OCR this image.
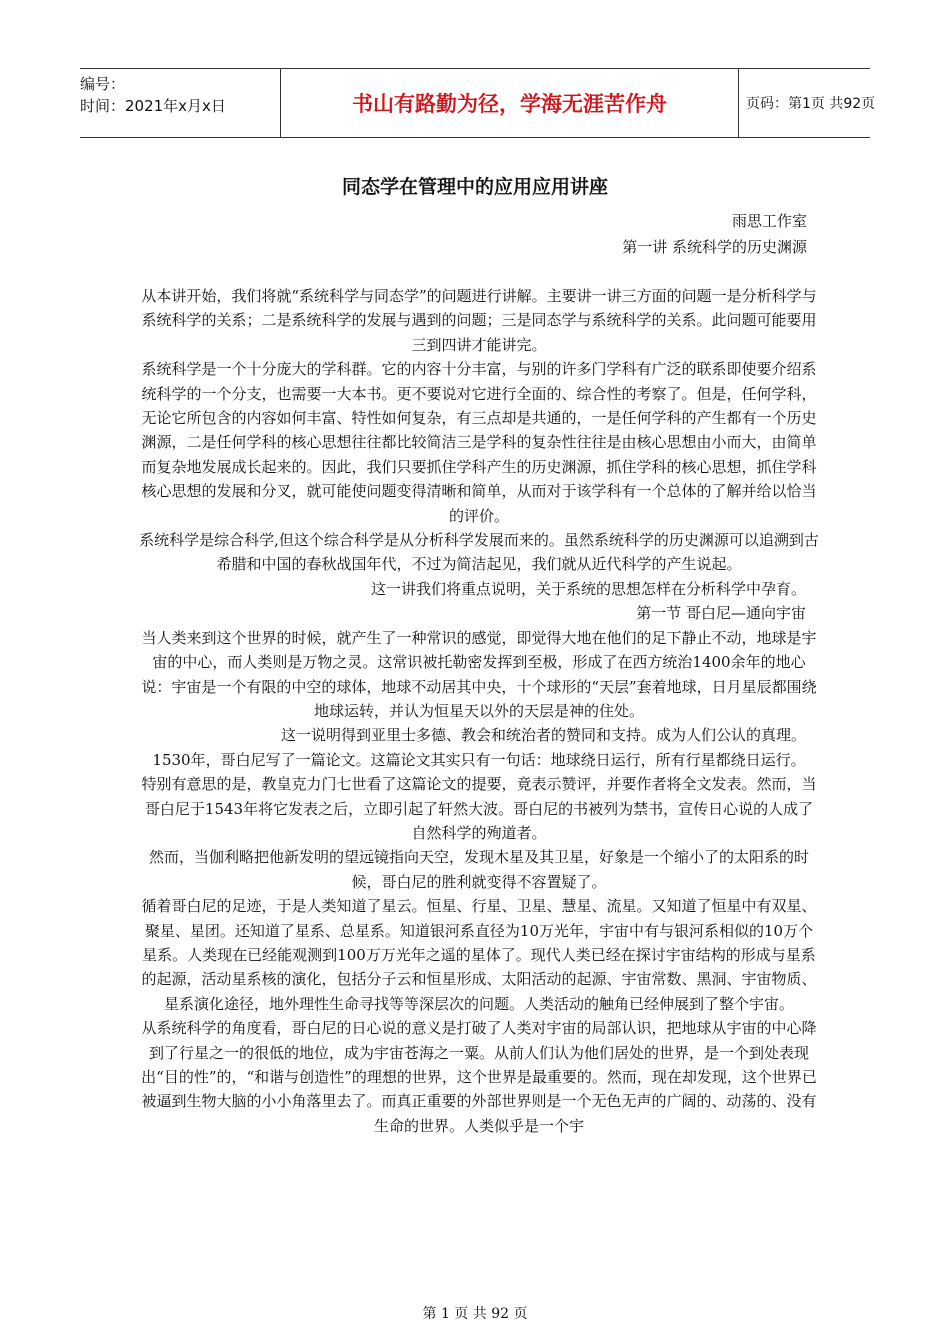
编号：
时间：2021年x月x日	书山有路勤为径，学海无涯苦作舟	页码：第1页 共92页
同态学在管理中的应用应用讲座
雨思工作室
第一讲 系统科学的历史渊源

从本讲开始，我们将就“系统科学与同态学”的问题进行讲解。主要讲一讲三方面的问题一是分析科学与系统科学的关系；二是系统科学的发展与遇到的问题；三是同态学与系统科学的关系。此问题可能要用三到四讲才能讲完。

系统科学是一个十分庞大的学科群。它的内容十分丰富，与别的许多门学科有广泛的联系即使要介绍系统科学的一个分支，也需要一大本书。更不要说对它进行全面的、综合性的考察了。但是，任何学科，无论它所包含的内容如何丰富、特性如何复杂，有三点却是共通的，一是任何学科的产生都有一个历史渊源，二是任何学科的核心思想往往都比较简洁三是学科的复杂性往往是由核心思想由小而大，由简单而复杂地发展成长起来的。因此，我们只要抓住学科产生的历史渊源，抓住学科的核心思想，抓住学科核心思想的发展和分叉，就可能使问题变得清晰和简单，从而对于该学科有一个总体的了解并给以恰当的评价。

系统科学是综合科学,但这个综合科学是从分析科学发展而来的。虽然系统科学的历史渊源可以追溯到古希腊和中国的春秋战国年代，不过为简洁起见，我们就从近代科学的产生说起。

这一讲我们将重点说明，关于系统的思想怎样在分析科学中孕育。

第一节 哥白尼—通向宇宙

当人类来到这个世界的时候，就产生了一种常识的感觉，即觉得大地在他们的足下静止不动，地球是宇宙的中心，而人类则是万物之灵。这常识被托勒密发挥到至极，形成了在西方统治1400余年的地心说：宇宙是一个有限的中空的球体，地球不动居其中央，十个球形的“天层”套着地球，日月星辰都围绕地球运转，并认为恒星天以外的天层是神的住处。

这一说明得到亚里士多德、教会和统治者的赞同和支持。成为人们公认的真理。

1530年，哥白尼写了一篇论文。这篇论文其实只有一句话：地球绕日运行，所有行星都绕日运行。

特别有意思的是，教皇克力门七世看了这篇论文的提要，竟表示赞评，并要作者将全文发表。然而，当哥白尼于1543年将它发表之后，立即引起了轩然大波。哥白尼的书被列为禁书，宣传日心说的人成了自然科学的殉道者。

然而，当伽利略把他新发明的望远镜指向天空，发现木星及其卫星，好象是一个缩小了的太阳系的时候，哥白尼的胜利就变得不容置疑了。

循着哥白尼的足迹，于是人类知道了星云。恒星、行星、卫星、慧星、流星。又知道了恒星中有双星、聚星、星团。还知道了星系、总星系。知道银河系直径为10万光年，宇宙中有与银河系相似的10万个星系。人类现在已经能观测到100万万光年之遥的星体了。现代人类已经在探讨宇宙结构的形成与星系的起源，活动星系核的演化，包括分子云和恒星形成、太阳活动的起源、宇宙常数、黑洞、宇宙物质、星系演化途径，地外理性生命寻找等等深层次的问题。人类活动的触角已经伸展到了整个宇宙。

从系统科学的角度看，哥白尼的日心说的意义是打破了人类对宇宙的局部认识，把地球从宇宙的中心降到了行星之一的很低的地位，成为宇宙苍海之一粟。从前人们认为他们居处的世界，是一个到处表现出“目的性”的，“和谐与创造性”的理想的世界，这个世界是最重要的。然而，现在却发现，这个世界已被逼到生物大脑的小小角落里去了。而真正重要的外部世界则是一个无色无声的广阔的、动荡的、没有生命的世界。人类似乎是一个宇

第 1 页 共 92 页
